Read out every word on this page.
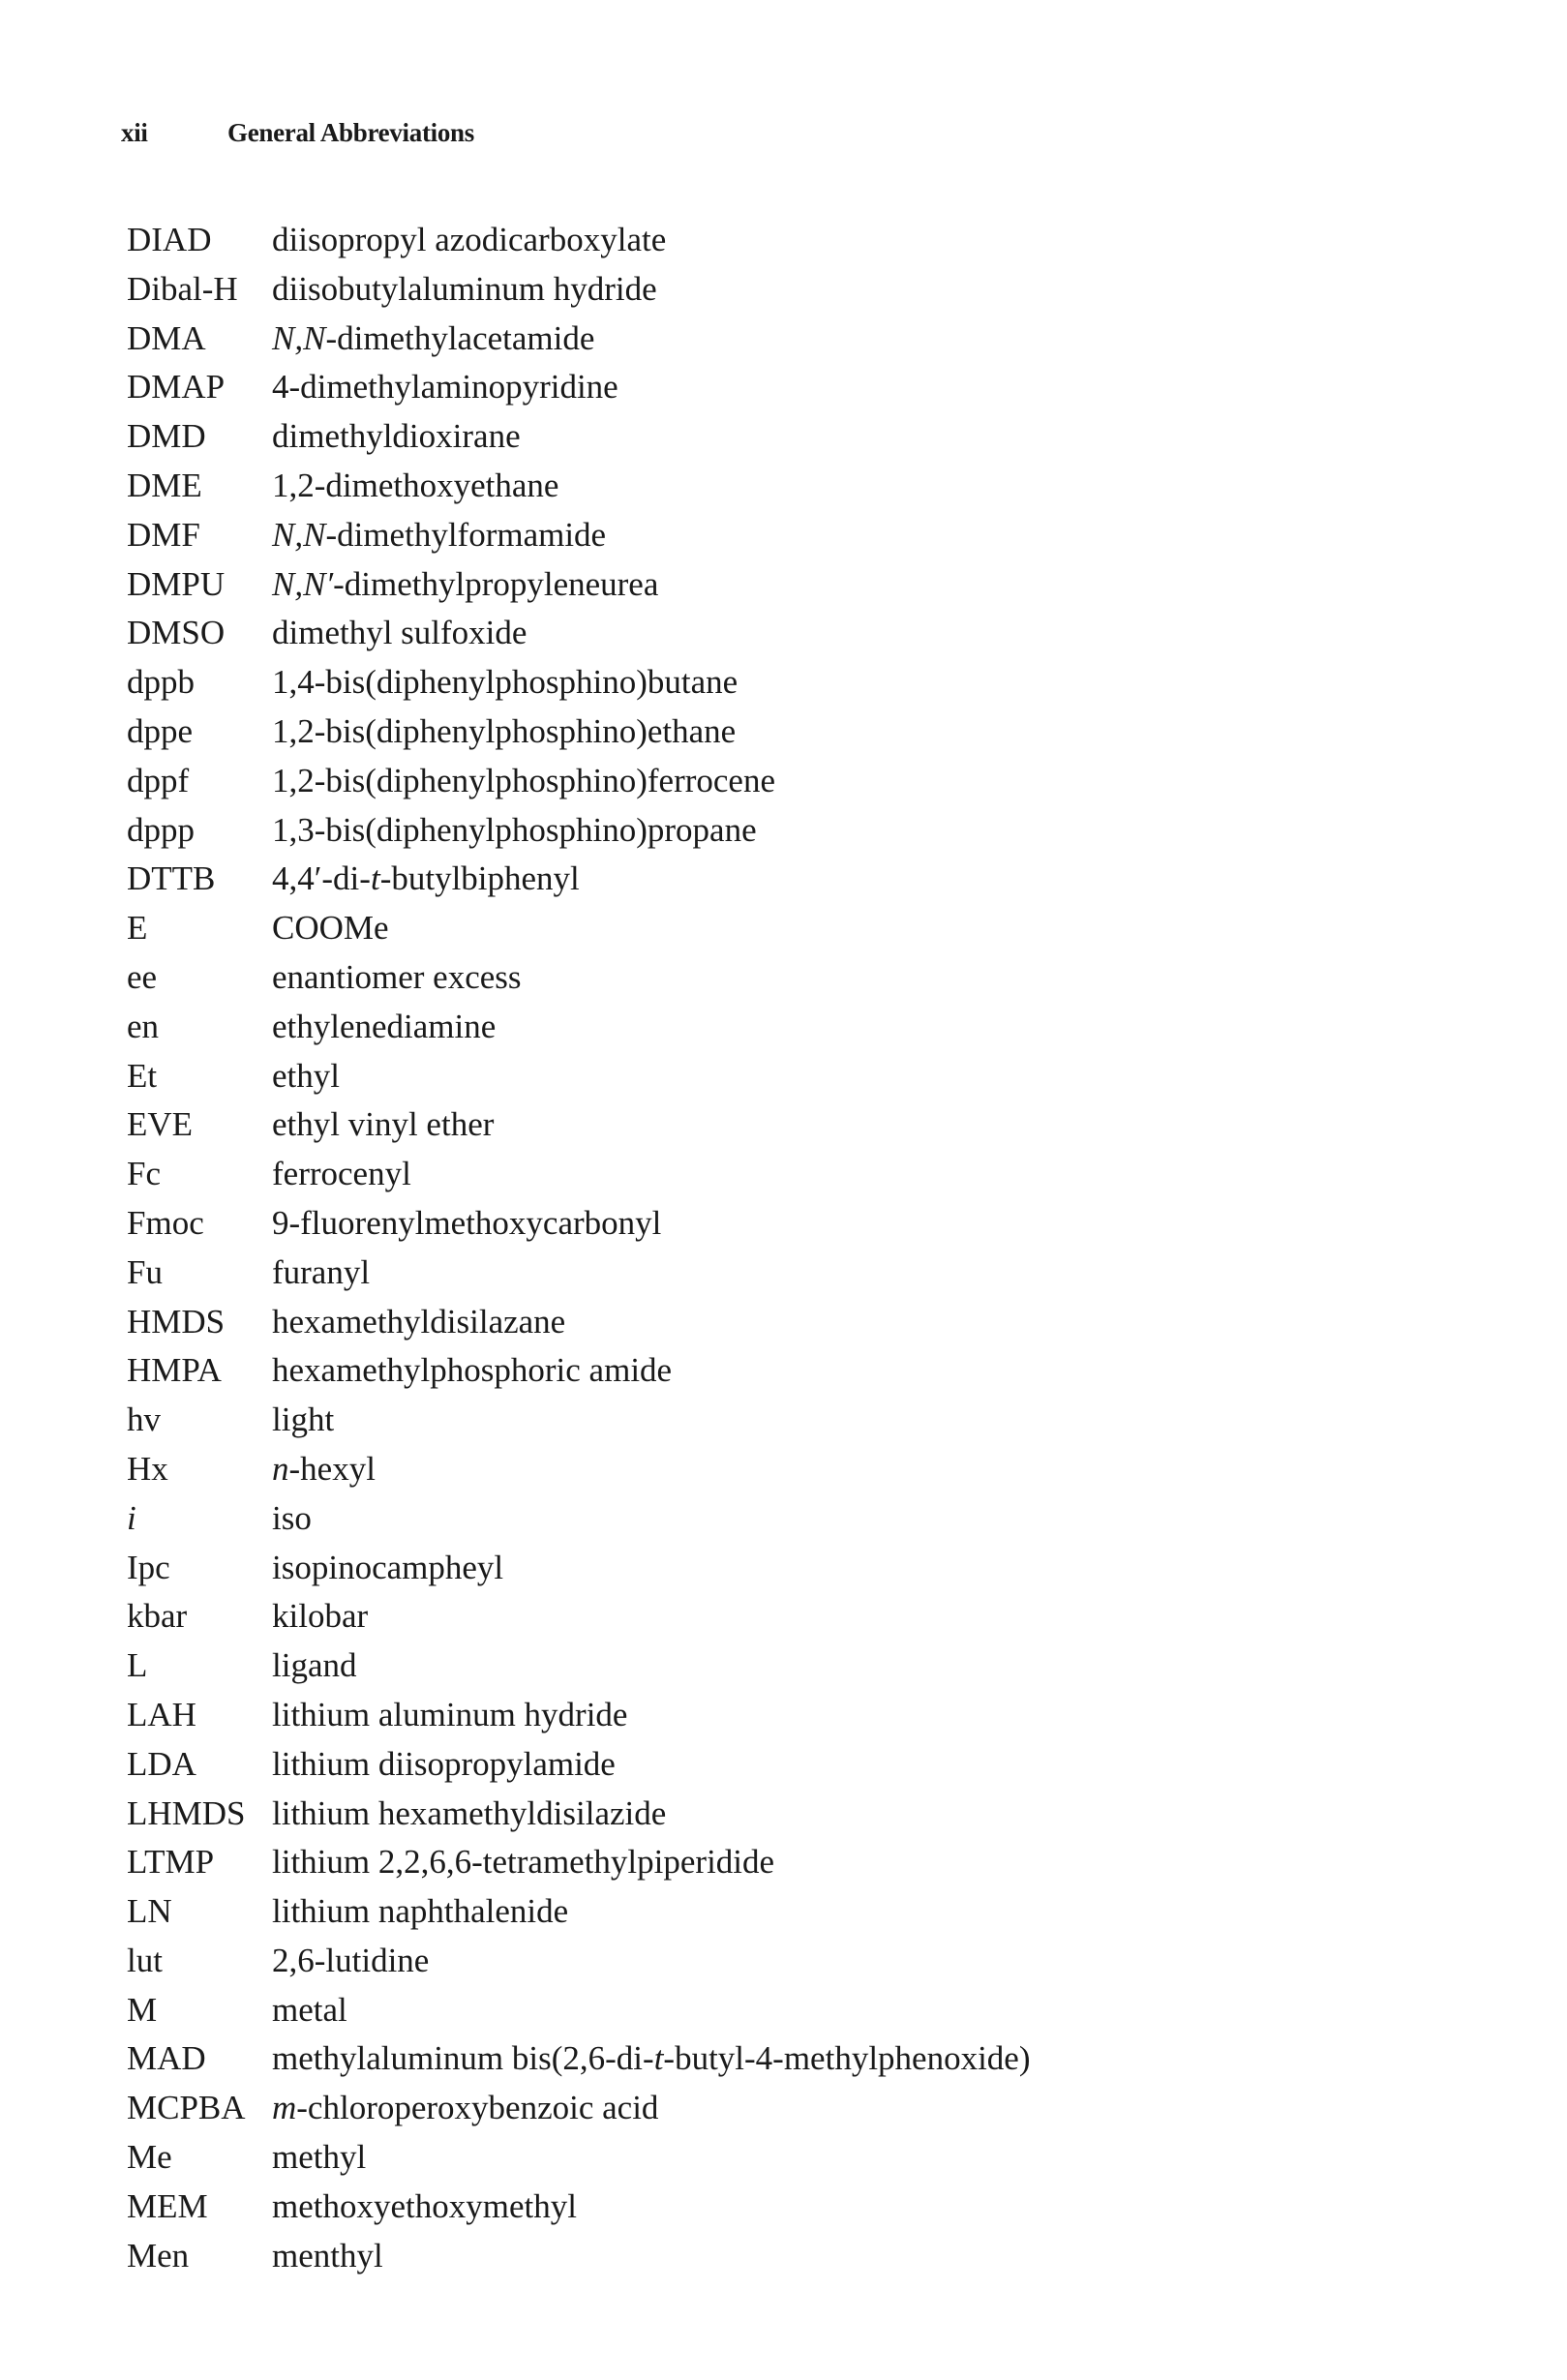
xii	General Abbreviations
DIAD diisopropyl azodicarboxylate
Dibal-H diisobutylaluminum hydride
DMA N,N-dimethylacetamide
DMAP 4-dimethylaminopyridine
DMD dimethyldioxirane
DME 1,2-dimethoxyethane
DMF N,N-dimethylformamide
DMPU N,N′-dimethylpropyleneurea
DMSO dimethyl sulfoxide
dppb 1,4-bis(diphenylphosphino)butane
dppe 1,2-bis(diphenylphosphino)ethane
dppf 1,2-bis(diphenylphosphino)ferrocene
dppp 1,3-bis(diphenylphosphino)propane
DTTB 4,4′-di-t-butylbiphenyl
E	COOMe
ee	enantiomer excess
en	ethylenediamine
Et	ethyl
EVE ethyl vinyl ether
Fc	ferrocenyl
Fmoc 9-fluorenylmethoxycarbonyl
Fu	furanyl
HMDS hexamethyldisilazane
HMPA hexamethylphosphoric amide
hv	light
Hx	n-hexyl
i	iso
Ipc	isopinocampheyl
kbar	kilobar
L	ligand
LAH lithium aluminum hydride
LDA lithium diisopropylamide
LHMDS lithium hexamethyldisilazide
LTMP lithium 2,2,6,6-tetramethylpiperidide
LN	lithium naphthalenide
lut	2,6-lutidine
M	metal
MAD methylaluminum bis(2,6-di-t-butyl-4-methylphenoxide)
MCPBA m-chloroperoxybenzoic acid
Me	methyl
MEM methoxyethoxymethyl
Men menthyl
